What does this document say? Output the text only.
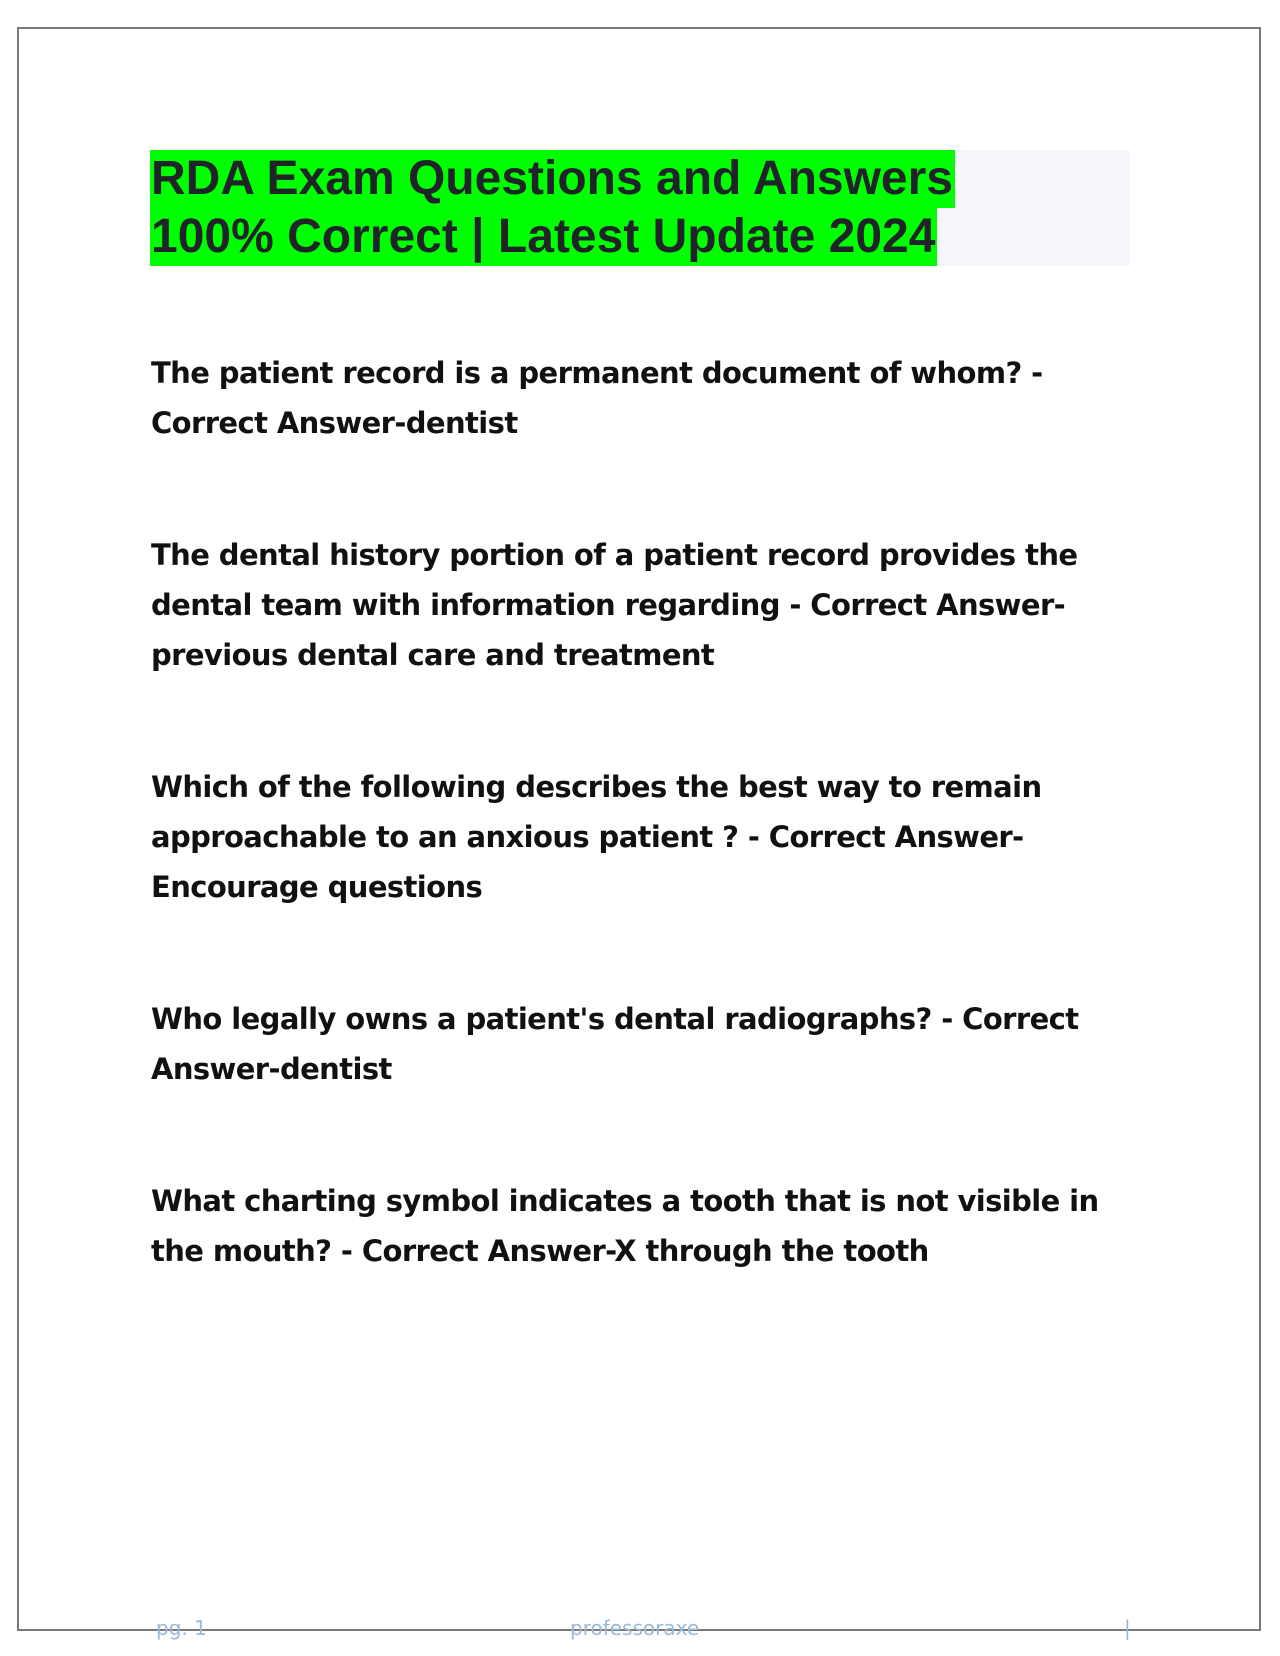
RDA Exam Questions and Answers
100% Correct | Latest Update 2024
The patient record is a permanent document of whom? -
Correct Answer-dentist
The dental history portion of a patient record provides the
dental team with information regarding - Correct Answer-
previous dental care and treatment
Which of the following describes the best way to remain
approachable to an anxious patient ? - Correct Answer-
Encourage questions
Who legally owns a patient's dental radiographs? - Correct
Answer-dentist
What charting symbol indicates a tooth that is not visible in
the mouth? - Correct Answer-X through the tooth
pg. 1	professoraxe	|
